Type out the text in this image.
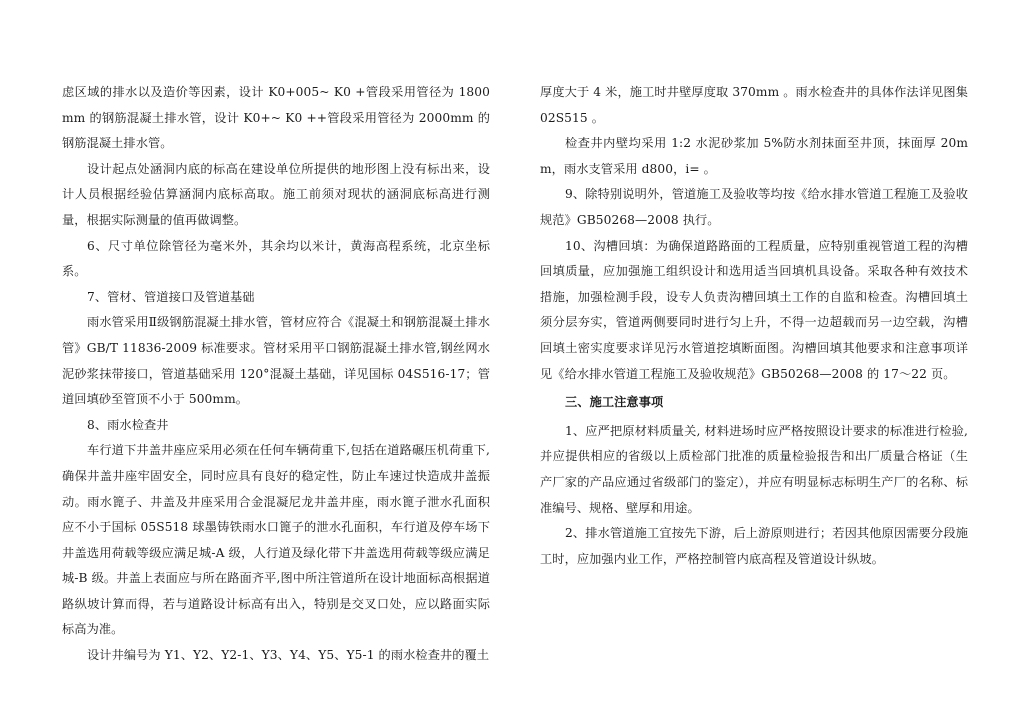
虑区域的排水以及造价等因素，设计 K0+005~ K0 +管段采用管径为 1800mm 的钢筋混凝土排水管，设计 K0+~ K0 ++管段采用管径为 2000mm 的钢筋混凝土排水管。

设计起点处涵洞内底的标高在建设单位所提供的地形图上没有标出来，设计人员根据经验估算涵洞内底标高取。施工前须对现状的涵洞底标高进行测量，根据实际测量的值再做调整。

6、尺寸单位除管径为毫米外，其余均以米计，黄海高程系统，北京坐标系。

7、管材、管道接口及管道基础

雨水管采用Ⅱ级钢筋混凝土排水管，管材应符合《混凝土和钢筋混凝土排水管》GB/T 11836-2009 标准要求。管材采用平口钢筋混凝土排水管,钢丝网水泥砂浆抹带接口，管道基础采用 120°混凝土基础，详见国标 04S516-17；管道回填砂至管顶不小于 500mm。

8、雨水检查井

车行道下井盖井座应采用必须在任何车辆荷重下,包括在道路碾压机荷重下,确保井盖井座牢固安全，同时应具有良好的稳定性，防止车速过快造成井盖振动。雨水篦子、井盖及井座采用合金混凝尼龙井盖井座，雨水篦子泄水孔面积应不小于国标 05S518 球墨铸铁雨水口篦子的泄水孔面积，车行道及停车场下井盖选用荷载等级应满足城-A 级，人行道及绿化带下井盖选用荷载等级应满足城-B 级。井盖上表面应与所在路面齐平,图中所注管道所在设计地面标高根据道路纵坡计算而得，若与道路设计标高有出入，特别是交叉口处，应以路面实际标高为准。

设计井编号为 Y1、Y2、Y2-1、Y3、Y4、Y5、Y5-1 的雨水检查井的覆土

厚度大于 4 米，施工时井壁厚度取 370mm 。雨水检查井的具体作法详见图集 02S515 。

检查井内壁均采用 1:2 水泥砂浆加 5%防水剂抹面至井顶，抹面厚 20mm，雨水支管采用 d800，i= 。

9、除特别说明外，管道施工及验收等均按《给水排水管道工程施工及验收规范》GB50268—2008 执行。

10、沟槽回填：为确保道路路面的工程质量，应特别重视管道工程的沟槽回填质量，应加强施工组织设计和选用适当回填机具设备。采取各种有效技术措施，加强检测手段，设专人负责沟槽回填土工作的自监和检查。沟槽回填土须分层夯实，管道两侧要同时进行匀上升，不得一边超载而另一边空载，沟槽回填土密实度要求详见污水管道挖填断面图。沟槽回填其他要求和注意事项详见《给水排水管道工程施工及验收规范》GB50268—2008 的 17～22 页。

三、施工注意事项

1、应严把原材料质量关, 材料进场时应严格按照设计要求的标准进行检验,并应提供相应的省级以上质检部门批准的质量检验报告和出厂质量合格证（生产厂家的产品应通过省级部门的鉴定），并应有明显标志标明生产厂的名称、标准编号、规格、壁厚和用途。

2、排水管道施工宜按先下游，后上游原则进行；若因其他原因需要分段施工时，应加强内业工作，严格控制管内底高程及管道设计纵坡。
